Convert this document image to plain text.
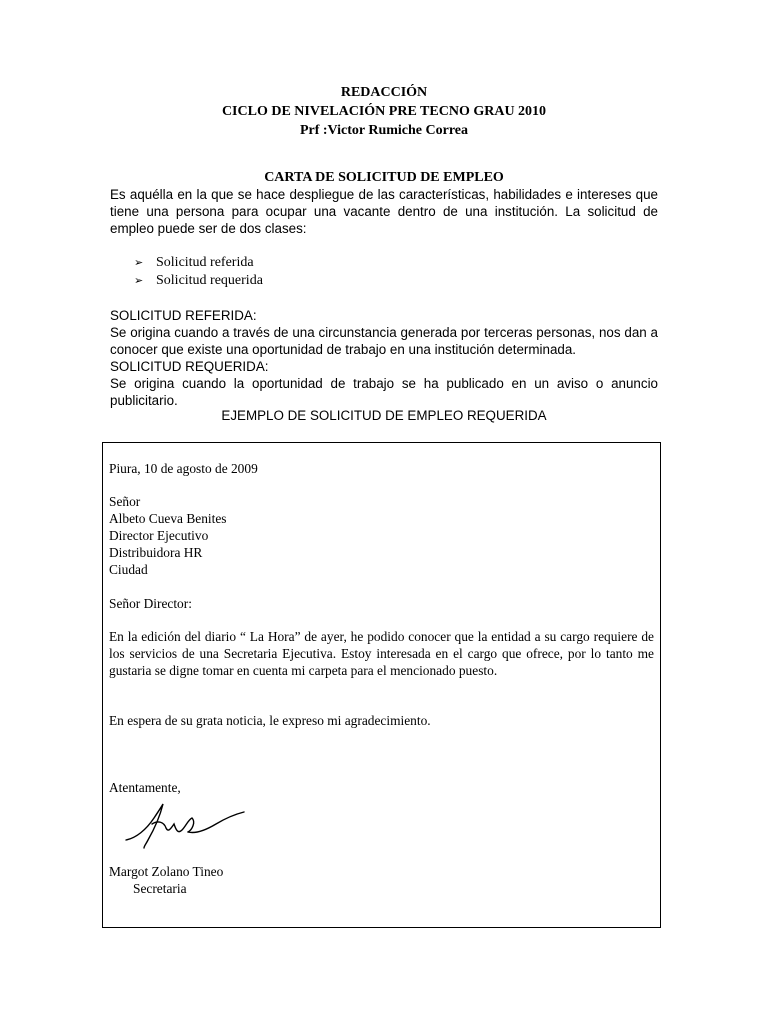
REDACCIÓN
CICLO DE NIVELACIÓN PRE TECNO GRAU 2010
Prf :Victor Rumiche Correa
CARTA DE SOLICITUD DE EMPLEO
Es aquélla en la que se hace despliegue de las características, habilidades e intereses que tiene una persona para ocupar una vacante dentro de una institución. La solicitud de empleo puede ser de dos clases:
➢ Solicitud referida
➢ Solicitud requerida
SOLICITUD REFERIDA:
Se origina cuando a través de una circunstancia generada por terceras personas, nos dan a conocer que existe una oportunidad de trabajo en una institución determinada.
SOLICITUD REQUERIDA:
Se origina cuando la oportunidad de trabajo se ha publicado en un aviso o anuncio publicitario.
EJEMPLO DE SOLICITUD DE EMPLEO REQUERIDA
Piura, 10 de agosto de 2009
Señor
Albeto Cueva Benites
Director Ejecutivo
Distribuidora HR
Ciudad
Señor Director:
En la edición del diario “ La Hora” de ayer, he podido conocer que la entidad a su cargo requiere de los servicios de una Secretaria Ejecutiva. Estoy interesada en el cargo que ofrece, por lo tanto me gustaria se digne tomar en cuenta mi carpeta para el mencionado puesto.
En espera de su grata noticia, le expreso mi agradecimiento.
Atentamente,
Margot Zolano Tineo
Secretaria
